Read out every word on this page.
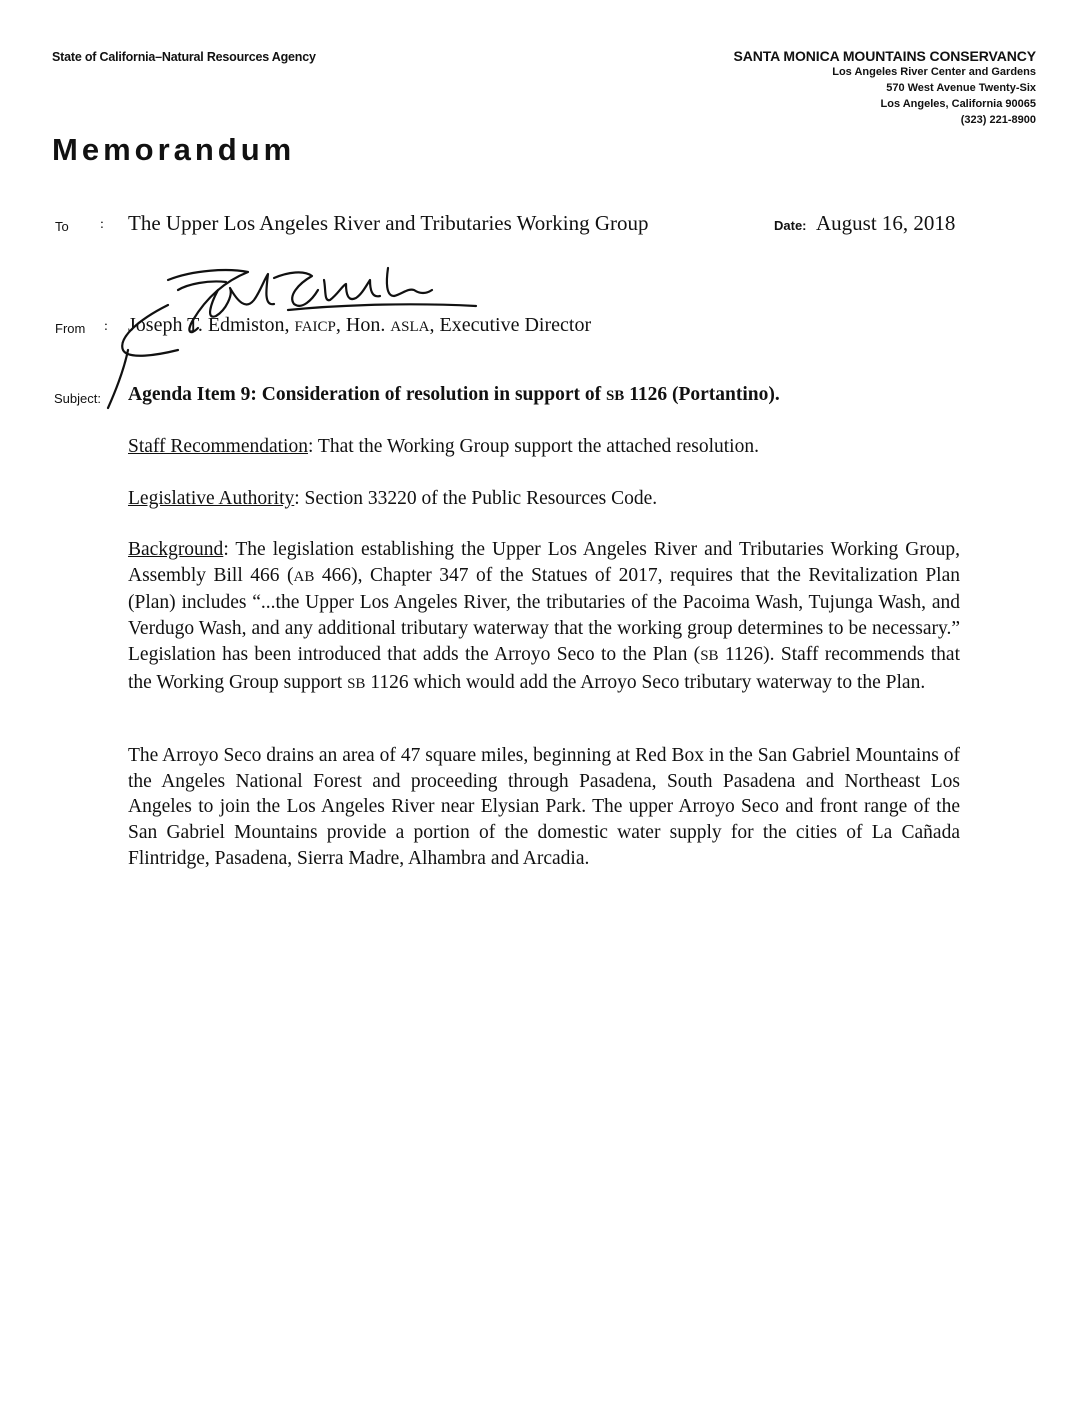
State of California–Natural Resources Agency	SANTA MONICA MOUNTAINS CONSERVANCY
Los Angeles River Center and Gardens
570 West Avenue Twenty-Six
Los Angeles, California 90065
(323) 221-8900
Memorandum
To : The Upper Los Angeles River and Tributaries Working Group	Date: August 16, 2018
From : Joseph T. Edmiston, FAICP, Hon. ASLA, Executive Director
Subject: Agenda Item 9: Consideration of resolution in support of SB 1126 (Portantino).
Staff Recommendation: That the Working Group support the attached resolution.
Legislative Authority: Section 33220 of the Public Resources Code.
Background: The legislation establishing the Upper Los Angeles River and Tributaries Working Group, Assembly Bill 466 (AB 466), Chapter 347 of the Statues of 2017, requires that the Revitalization Plan (Plan) includes “...the Upper Los Angeles River, the tributaries of the Pacoima Wash, Tujunga Wash, and Verdugo Wash, and any additional tributary waterway that the working group determines to be necessary.” Legislation has been introduced that adds the Arroyo Seco to the Plan (SB 1126). Staff recommends that the Working Group support SB 1126 which would add the Arroyo Seco tributary waterway to the Plan.
The Arroyo Seco drains an area of 47 square miles, beginning at Red Box in the San Gabriel Mountains of the Angeles National Forest and proceeding through Pasadena, South Pasadena and Northeast Los Angeles to join the Los Angeles River near Elysian Park. The upper Arroyo Seco and front range of the San Gabriel Mountains provide a portion of the domestic water supply for the cities of La Cañada Flintridge, Pasadena, Sierra Madre, Alhambra and Arcadia.
